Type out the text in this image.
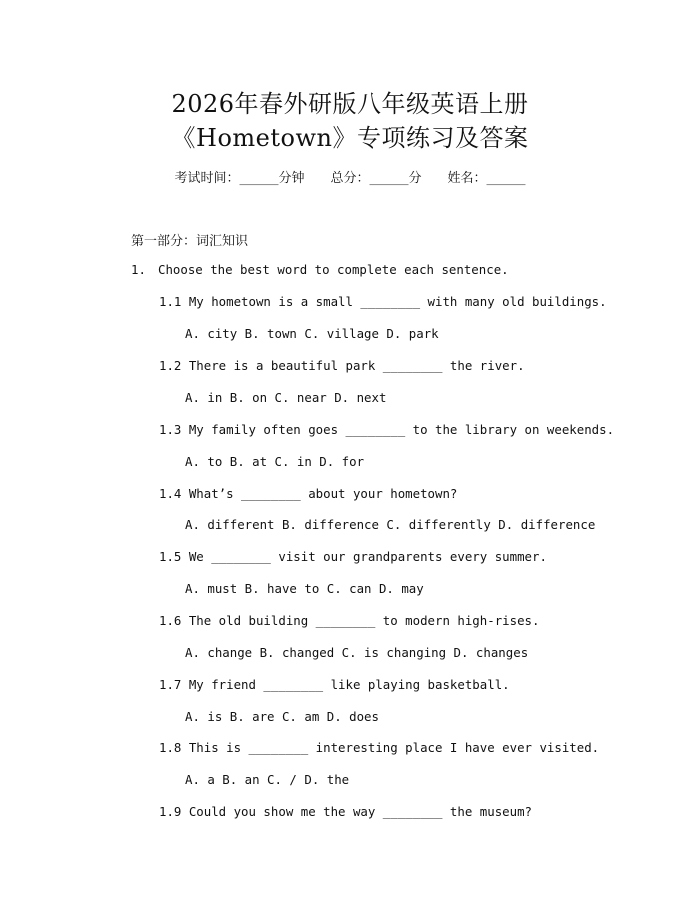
2026年春外研版八年级英语上册
《Hometown》专项练习及答案
考试时间：______分钟 总分：______分 姓名：______
第一部分：词汇知识
1. Choose the best word to complete each sentence.
1.1 My hometown is a small ________ with many old buildings.
A. city B. town C. village D. park
1.2 There is a beautiful park ________ the river.
A. in B. on C. near D. next
1.3 My family often goes ________ to the library on weekends.
A. to B. at C. in D. for
1.4 What’s ________ about your hometown?
A. different B. difference C. differently D. difference
1.5 We ________ visit our grandparents every summer.
A. must B. have to C. can D. may
1.6 The old building ________ to modern high-rises.
A. change B. changed C. is changing D. changes
1.7 My friend ________ like playing basketball.
A. is B. are C. am D. does
1.8 This is ________ interesting place I have ever visited.
A. a B. an C. / D. the
1.9 Could you show me the way ________ the museum?
